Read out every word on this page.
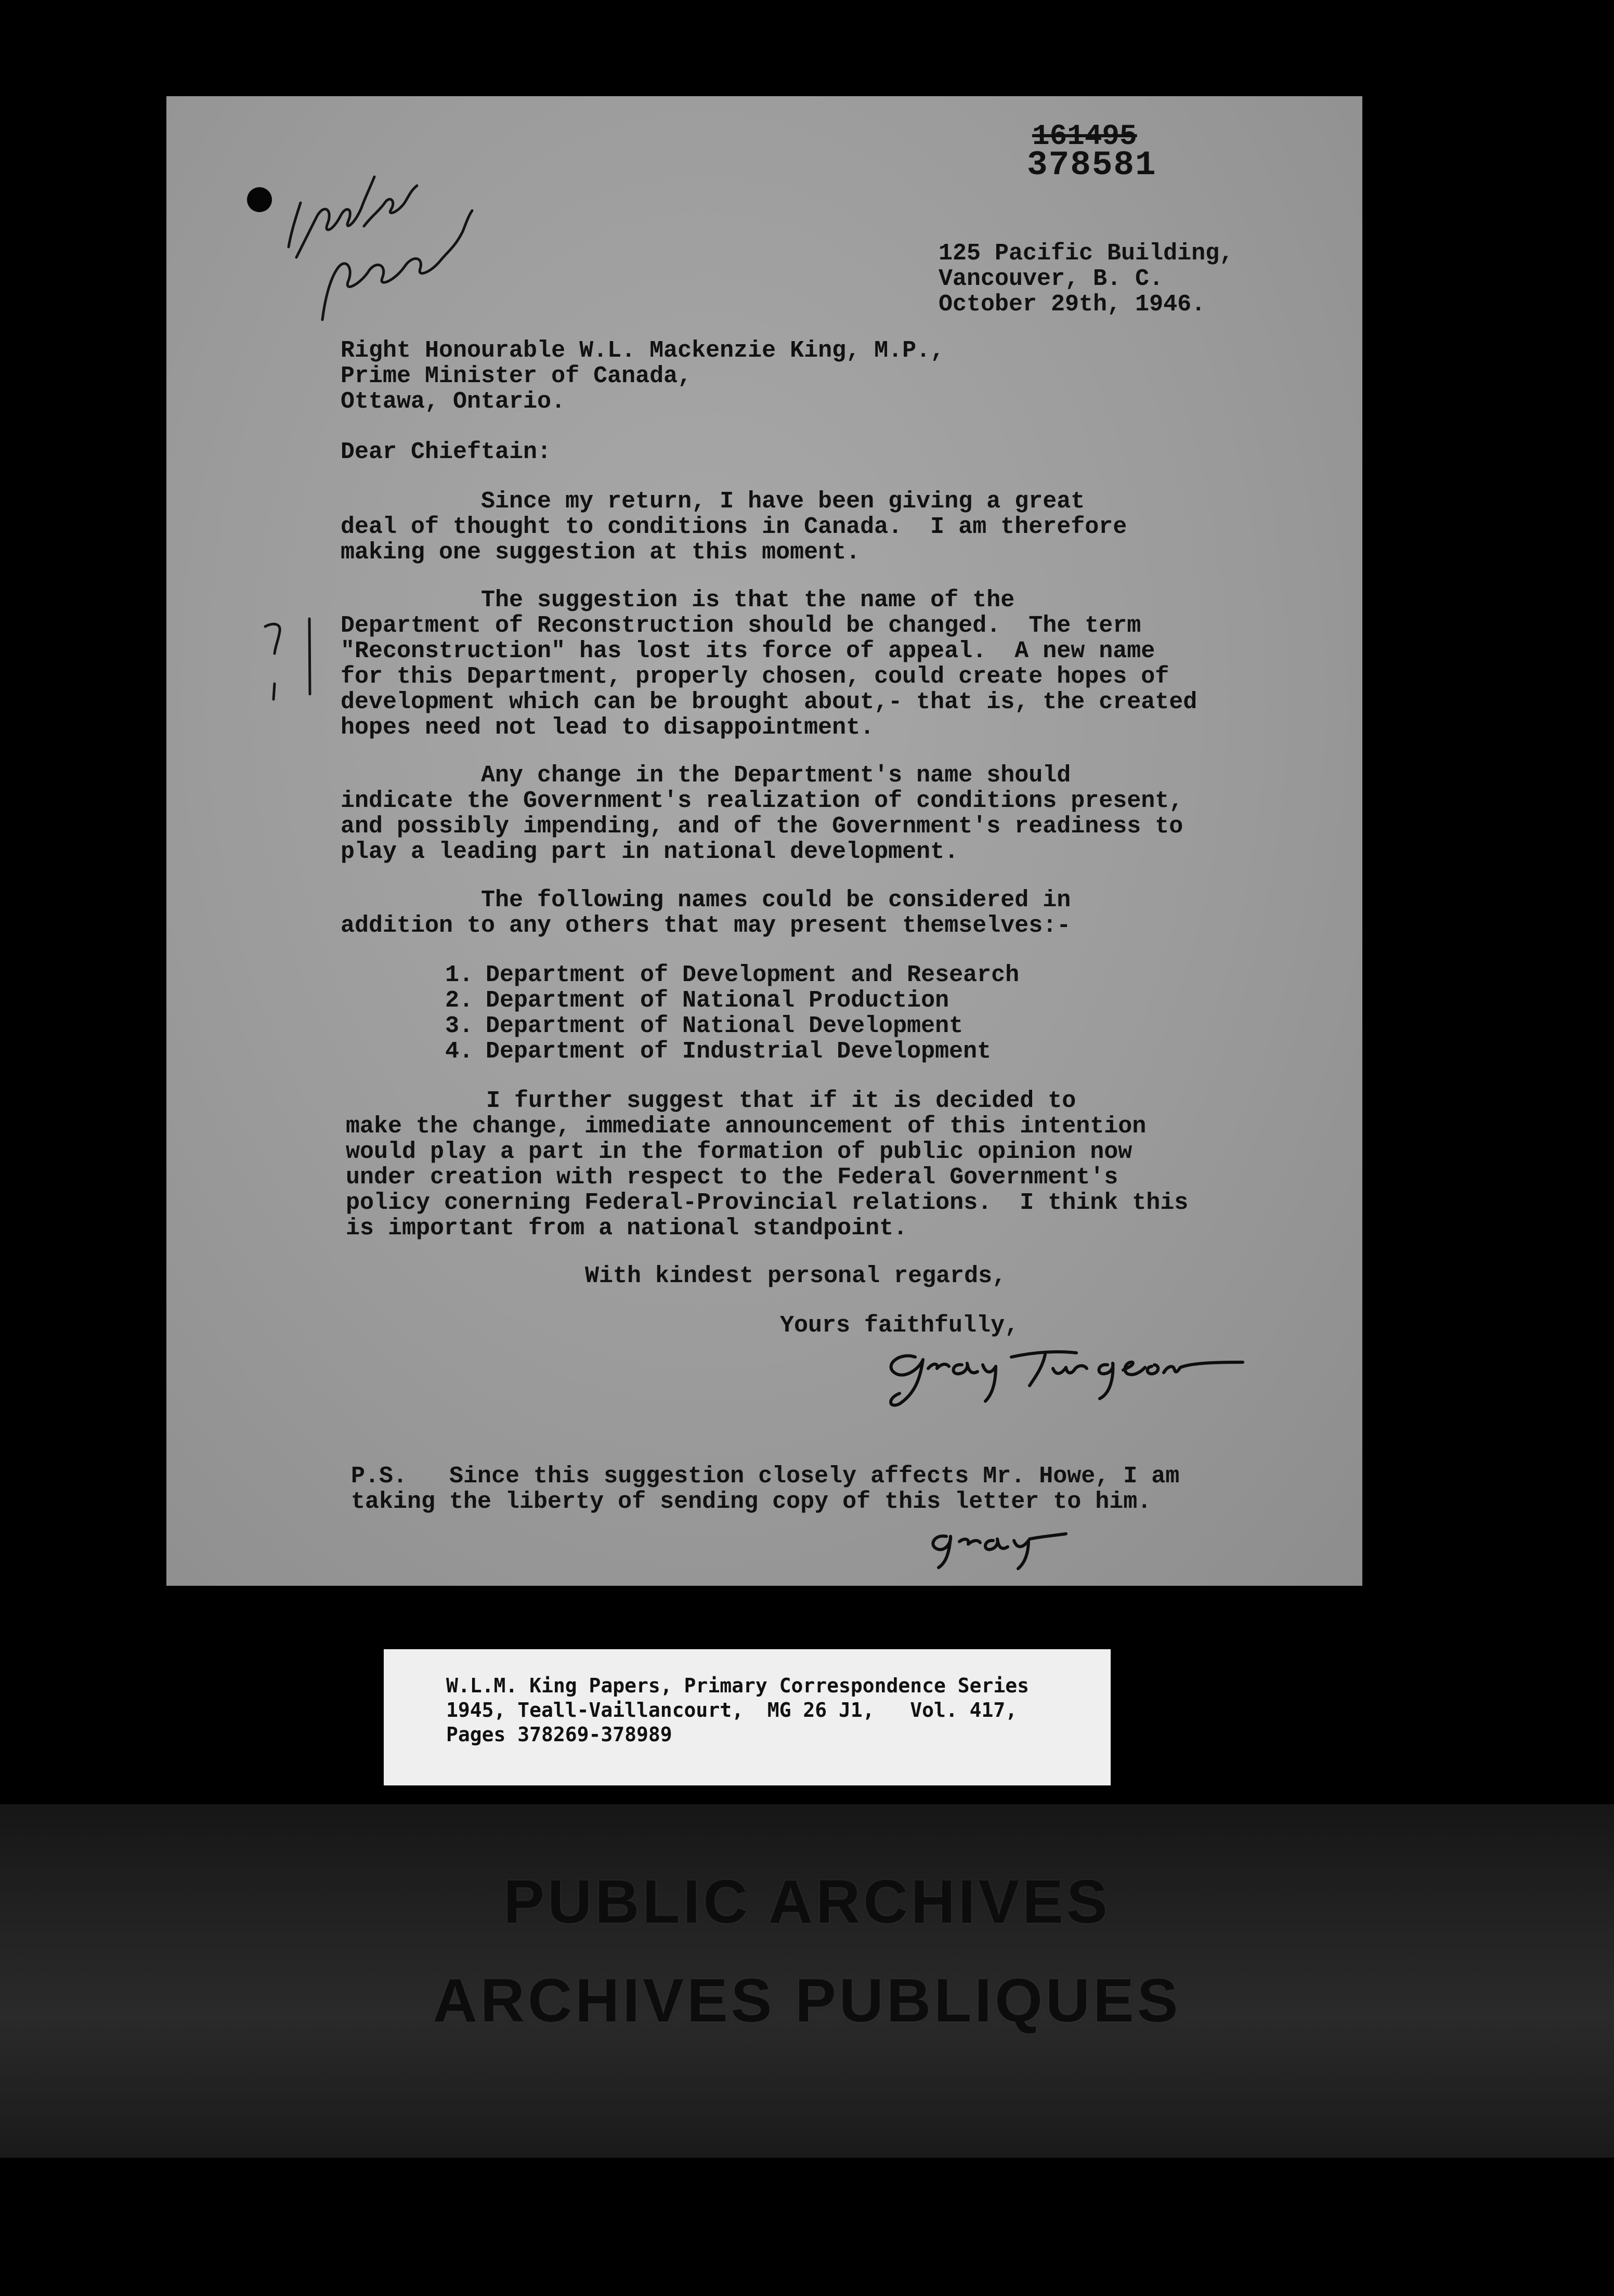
161495
378581
125 Pacific Building,
Vancouver, B. C.
October 29th, 1946.
Right Honourable W.L. Mackenzie King, M.P.,
Prime Minister of Canada,
Ottawa, Ontario.
Dear Chieftain:
Since my return, I have been giving a great
deal of thought to conditions in Canada.  I am therefore
making one suggestion at this moment.
The suggestion is that the name of the
Department of Reconstruction should be changed.  The term
"Reconstruction" has lost its force of appeal.  A new name
for this Department, properly chosen, could create hopes of
development which can be brought about,- that is, the created
hopes need not lead to disappointment.
Any change in the Department's name should
indicate the Government's realization of conditions present,
and possibly impending, and of the Government's readiness to
play a leading part in national development.
The following names could be considered in
addition to any others that may present themselves:-
1. Department of Development and Research
2. Department of National Production
3. Department of National Development
4. Department of Industrial Development
I further suggest that if it is decided to
make the change, immediate announcement of this intention
would play a part in the formation of public opinion now
under creation with respect to the Federal Government's
policy conerning Federal-Provincial relations.  I think this
is important from a national standpoint.
With kindest personal regards,
Yours faithfully,
P.S.   Since this suggestion closely affects Mr. Howe, I am
taking the liberty of sending copy of this letter to him.
W.L.M. King Papers, Primary Correspondence Series
1945, Teall-Vaillancourt,  MG 26 J1,   Vol. 417,
Pages 378269-378989
PUBLIC ARCHIVES
ARCHIVES PUBLIQUES
